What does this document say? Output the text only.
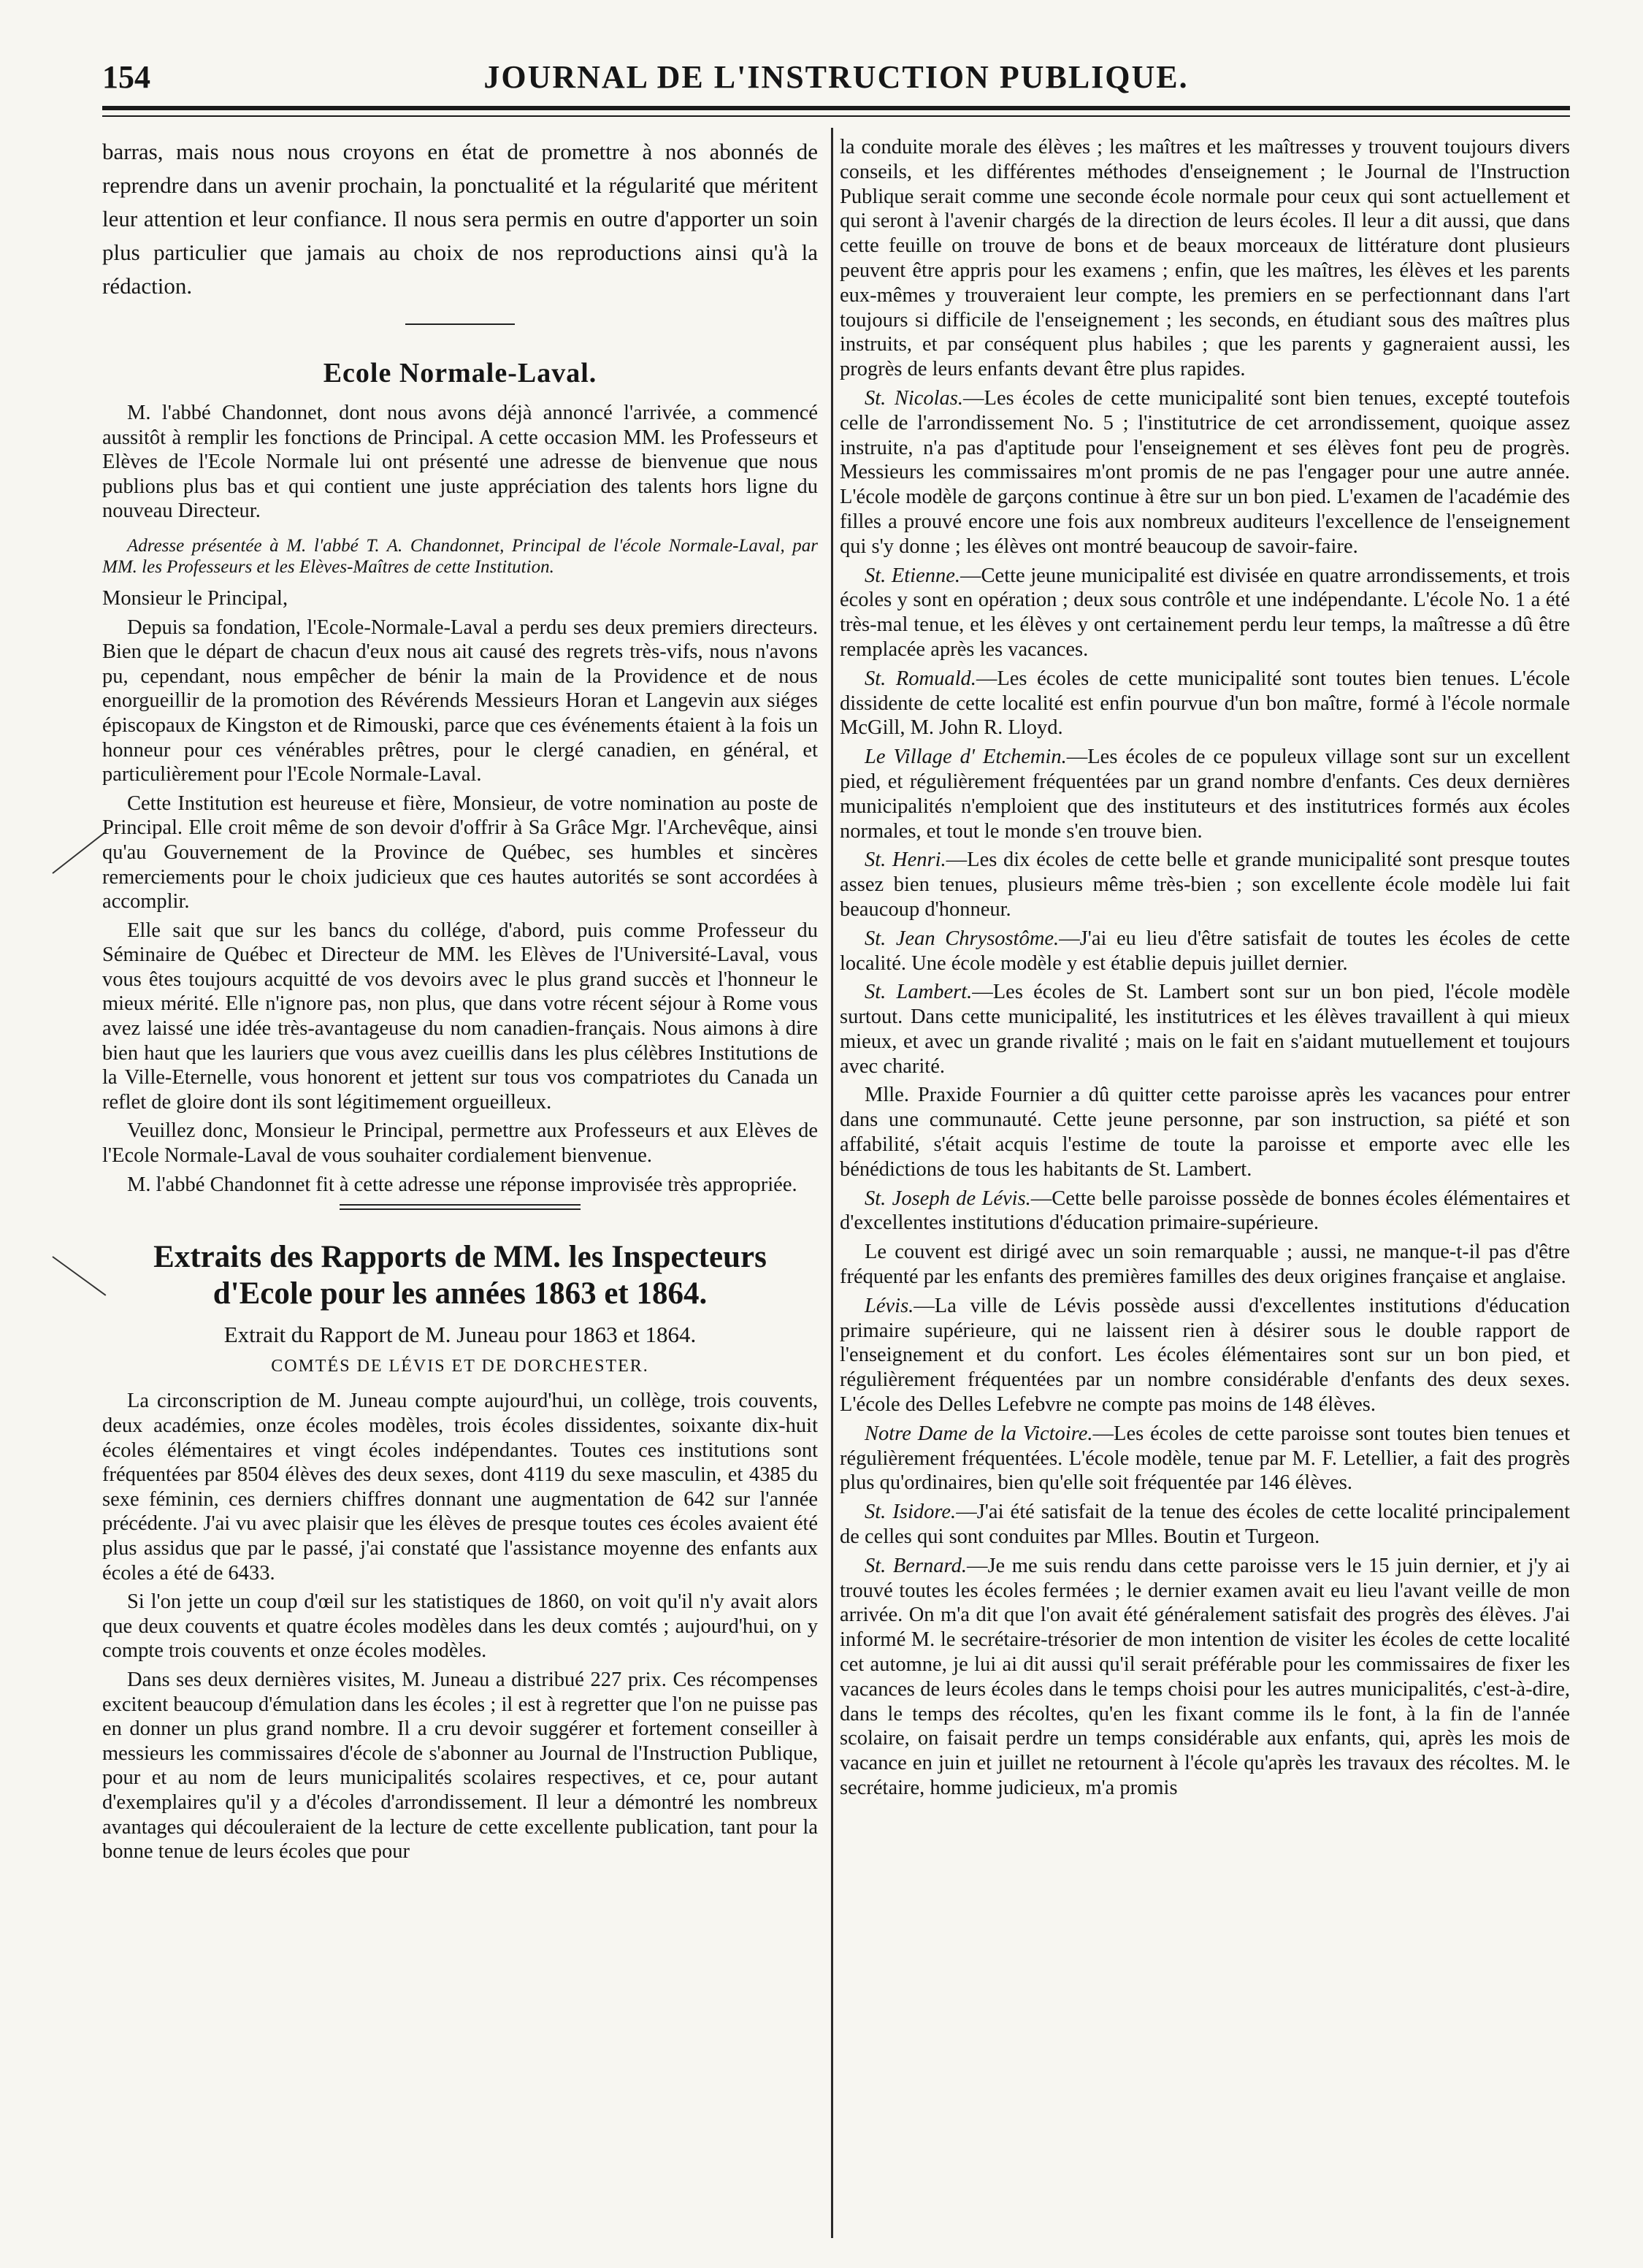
154	JOURNAL DE L'INSTRUCTION PUBLIQUE.

barras, mais nous nous croyons en état de promettre à nos abonnés de reprendre dans un avenir prochain, la ponctualité et la régularité que méritent leur attention et leur confiance. Il nous sera permis en outre d'apporter un soin plus particulier que jamais au choix de nos reproductions ainsi qu'à la rédaction.

Ecole Normale-Laval.

M. l'abbé Chandonnet, dont nous avons déjà annoncé l'arrivée, a commencé aussitôt à remplir les fonctions de Principal. A cette occasion MM. les Professeurs et Elèves de l'Ecole Normale lui ont présenté une adresse de bienvenue que nous publions plus bas et qui contient une juste appréciation des talents hors ligne du nouveau Directeur.

Adresse présentée à M. l'abbé T. A. Chandonnet, Principal de l'école Normale-Laval, par MM. les Professeurs et les Elèves-Maîtres de cette Institution.

Monsieur le Principal,

Depuis sa fondation, l'Ecole-Normale-Laval a perdu ses deux premiers directeurs. Bien que le départ de chacun d'eux nous ait causé des regrets très-vifs, nous n'avons pu, cependant, nous empêcher de bénir la main de la Providence et de nous enorgueillir de la promotion des Révérends Messieurs Horan et Langevin aux siéges épiscopaux de Kingston et de Rimouski, parce que ces événements étaient à la fois un honneur pour ces vénérables prêtres, pour le clergé canadien, en général, et particulièrement pour l'Ecole Normale-Laval.

Cette Institution est heureuse et fière, Monsieur, de votre nomination au poste de Principal. Elle croit même de son devoir d'offrir à Sa Grâce Mgr. l'Archevêque, ainsi qu'au Gouvernement de la Province de Québec, ses humbles et sincères remerciements pour le choix judicieux que ces hautes autorités se sont accordées à accomplir.

Elle sait que sur les bancs du collége, d'abord, puis comme Professeur du Séminaire de Québec et Directeur de MM. les Elèves de l'Université-Laval, vous vous êtes toujours acquitté de vos devoirs avec le plus grand succès et l'honneur le mieux mérité. Elle n'ignore pas, non plus, que dans votre récent séjour à Rome vous avez laissé une idée très-avantageuse du nom canadien-français. Nous aimons à dire bien haut que les lauriers que vous avez cueillis dans les plus célèbres Institutions de la Ville-Eternelle, vous honorent et jettent sur tous vos compatriotes du Canada un reflet de gloire dont ils sont légitimement orgueilleux.

Veuillez donc, Monsieur le Principal, permettre aux Professeurs et aux Elèves de l'Ecole Normale-Laval de vous souhaiter cordialement bienvenue.

M. l'abbé Chandonnet fit à cette adresse une réponse improvisée très appropriée.

Extraits des Rapports de MM. les Inspecteurs d'Ecole pour les années 1863 et 1864.

Extrait du Rapport de M. Juneau pour 1863 et 1864.

COMTÉS DE LÉVIS ET DE DORCHESTER.

La circonscription de M. Juneau compte aujourd'hui, un collège, trois couvents, deux académies, onze écoles modèles, trois écoles dissidentes, soixante dix-huit écoles élémentaires et vingt écoles indépendantes. Toutes ces institutions sont fréquentées par 8504 élèves des deux sexes, dont 4119 du sexe masculin, et 4385 du sexe féminin, ces derniers chiffres donnant une augmentation de 642 sur l'année précédente. J'ai vu avec plaisir que les élèves de presque toutes ces écoles avaient été plus assidus que par le passé, j'ai constaté que l'assistance moyenne des enfants aux écoles a été de 6433.

Si l'on jette un coup d'œil sur les statistiques de 1860, on voit qu'il n'y avait alors que deux couvents et quatre écoles modèles dans les deux comtés ; aujourd'hui, on y compte trois couvents et onze écoles modèles.

Dans ses deux dernières visites, M. Juneau a distribué 227 prix. Ces récompenses excitent beaucoup d'émulation dans les écoles ; il est à regretter que l'on ne puisse pas en donner un plus grand nombre. Il a cru devoir suggérer et fortement conseiller à messieurs les commissaires d'école de s'abonner au Journal de l'Instruction Publique, pour et au nom de leurs municipalités scolaires respectives, et ce, pour autant d'exemplaires qu'il y a d'écoles d'arrondissement. Il leur a démontré les nombreux avantages qui découleraient de la lecture de cette excellente publication, tant pour la bonne tenue de leurs écoles que pour

la conduite morale des élèves ; les maîtres et les maîtresses y trouvent toujours divers conseils, et les différentes méthodes d'enseignement ; le Journal de l'Instruction Publique serait comme une seconde école normale pour ceux qui sont actuellement et qui seront à l'avenir chargés de la direction de leurs écoles. Il leur a dit aussi, que dans cette feuille on trouve de bons et de beaux morceaux de littérature dont plusieurs peuvent être appris pour les examens ; enfin, que les maîtres, les élèves et les parents eux-mêmes y trouveraient leur compte, les premiers en se perfectionnant dans l'art toujours si difficile de l'enseignement ; les seconds, en étudiant sous des maîtres plus instruits, et par conséquent plus habiles ; que les parents y gagneraient aussi, les progrès de leurs enfants devant être plus rapides.

St. Nicolas.—Les écoles de cette municipalité sont bien tenues, excepté toutefois celle de l'arrondissement No. 5 ; l'institutrice de cet arrondissement, quoique assez instruite, n'a pas d'aptitude pour l'enseignement et ses élèves font peu de progrès. Messieurs les commissaires m'ont promis de ne pas l'engager pour une autre année. L'école modèle de garçons continue à être sur un bon pied. L'examen de l'académie des filles a prouvé encore une fois aux nombreux auditeurs l'excellence de l'enseignement qui s'y donne ; les élèves ont montré beaucoup de savoir-faire.

St. Etienne.—Cette jeune municipalité est divisée en quatre arrondissements, et trois écoles y sont en opération ; deux sous contrôle et une indépendante. L'école No. 1 a été très-mal tenue, et les élèves y ont certainement perdu leur temps, la maîtresse a dû être remplacée après les vacances.

St. Romuald.—Les écoles de cette municipalité sont toutes bien tenues. L'école dissidente de cette localité est enfin pourvue d'un bon maître, formé à l'école normale McGill, M. John R. Lloyd.

Le Village d' Etchemin.—Les écoles de ce populeux village sont sur un excellent pied, et régulièrement fréquentées par un grand nombre d'enfants. Ces deux dernières municipalités n'emploient que des instituteurs et des institutrices formés aux écoles normales, et tout le monde s'en trouve bien.

St. Henri.—Les dix écoles de cette belle et grande municipalité sont presque toutes assez bien tenues, plusieurs même très-bien ; son excellente école modèle lui fait beaucoup d'honneur.

St. Jean Chrysostôme.—J'ai eu lieu d'être satisfait de toutes les écoles de cette localité. Une école modèle y est établie depuis juillet dernier.

St. Lambert.—Les écoles de St. Lambert sont sur un bon pied, l'école modèle surtout. Dans cette municipalité, les institutrices et les élèves travaillent à qui mieux mieux, et avec un grande rivalité ; mais on le fait en s'aidant mutuellement et toujours avec charité.

Mlle. Praxide Fournier a dû quitter cette paroisse après les vacances pour entrer dans une communauté. Cette jeune personne, par son instruction, sa piété et son affabilité, s'était acquis l'estime de toute la paroisse et emporte avec elle les bénédictions de tous les habitants de St. Lambert.

St. Joseph de Lévis.—Cette belle paroisse possède de bonnes écoles élémentaires et d'excellentes institutions d'éducation primaire-supérieure.

Le couvent est dirigé avec un soin remarquable ; aussi, ne manque-t-il pas d'être fréquenté par les enfants des premières familles des deux origines française et anglaise.

Lévis.—La ville de Lévis possède aussi d'excellentes institutions d'éducation primaire supérieure, qui ne laissent rien à désirer sous le double rapport de l'enseignement et du confort. Les écoles élémentaires sont sur un bon pied, et régulièrement fréquentées par un nombre considérable d'enfants des deux sexes. L'école des Delles Lefebvre ne compte pas moins de 148 élèves.

Notre Dame de la Victoire.—Les écoles de cette paroisse sont toutes bien tenues et régulièrement fréquentées. L'école modèle, tenue par M. F. Letellier, a fait des progrès plus qu'ordinaires, bien qu'elle soit fréquentée par 146 élèves.

St. Isidore.—J'ai été satisfait de la tenue des écoles de cette localité principalement de celles qui sont conduites par Mlles. Boutin et Turgeon.

St. Bernard.—Je me suis rendu dans cette paroisse vers le 15 juin dernier, et j'y ai trouvé toutes les écoles fermées ; le dernier examen avait eu lieu l'avant veille de mon arrivée. On m'a dit que l'on avait été généralement satisfait des progrès des élèves. J'ai informé M. le secrétaire-trésorier de mon intention de visiter les écoles de cette localité cet automne, je lui ai dit aussi qu'il serait préférable pour les commissaires de fixer les vacances de leurs écoles dans le temps choisi pour les autres municipalités, c'est-à-dire, dans le temps des récoltes, qu'en les fixant comme ils le font, à la fin de l'année scolaire, on faisait perdre un temps considérable aux enfants, qui, après les mois de vacance en juin et juillet ne retournent à l'école qu'après les travaux des récoltes. M. le secrétaire, homme judicieux, m'a promis
